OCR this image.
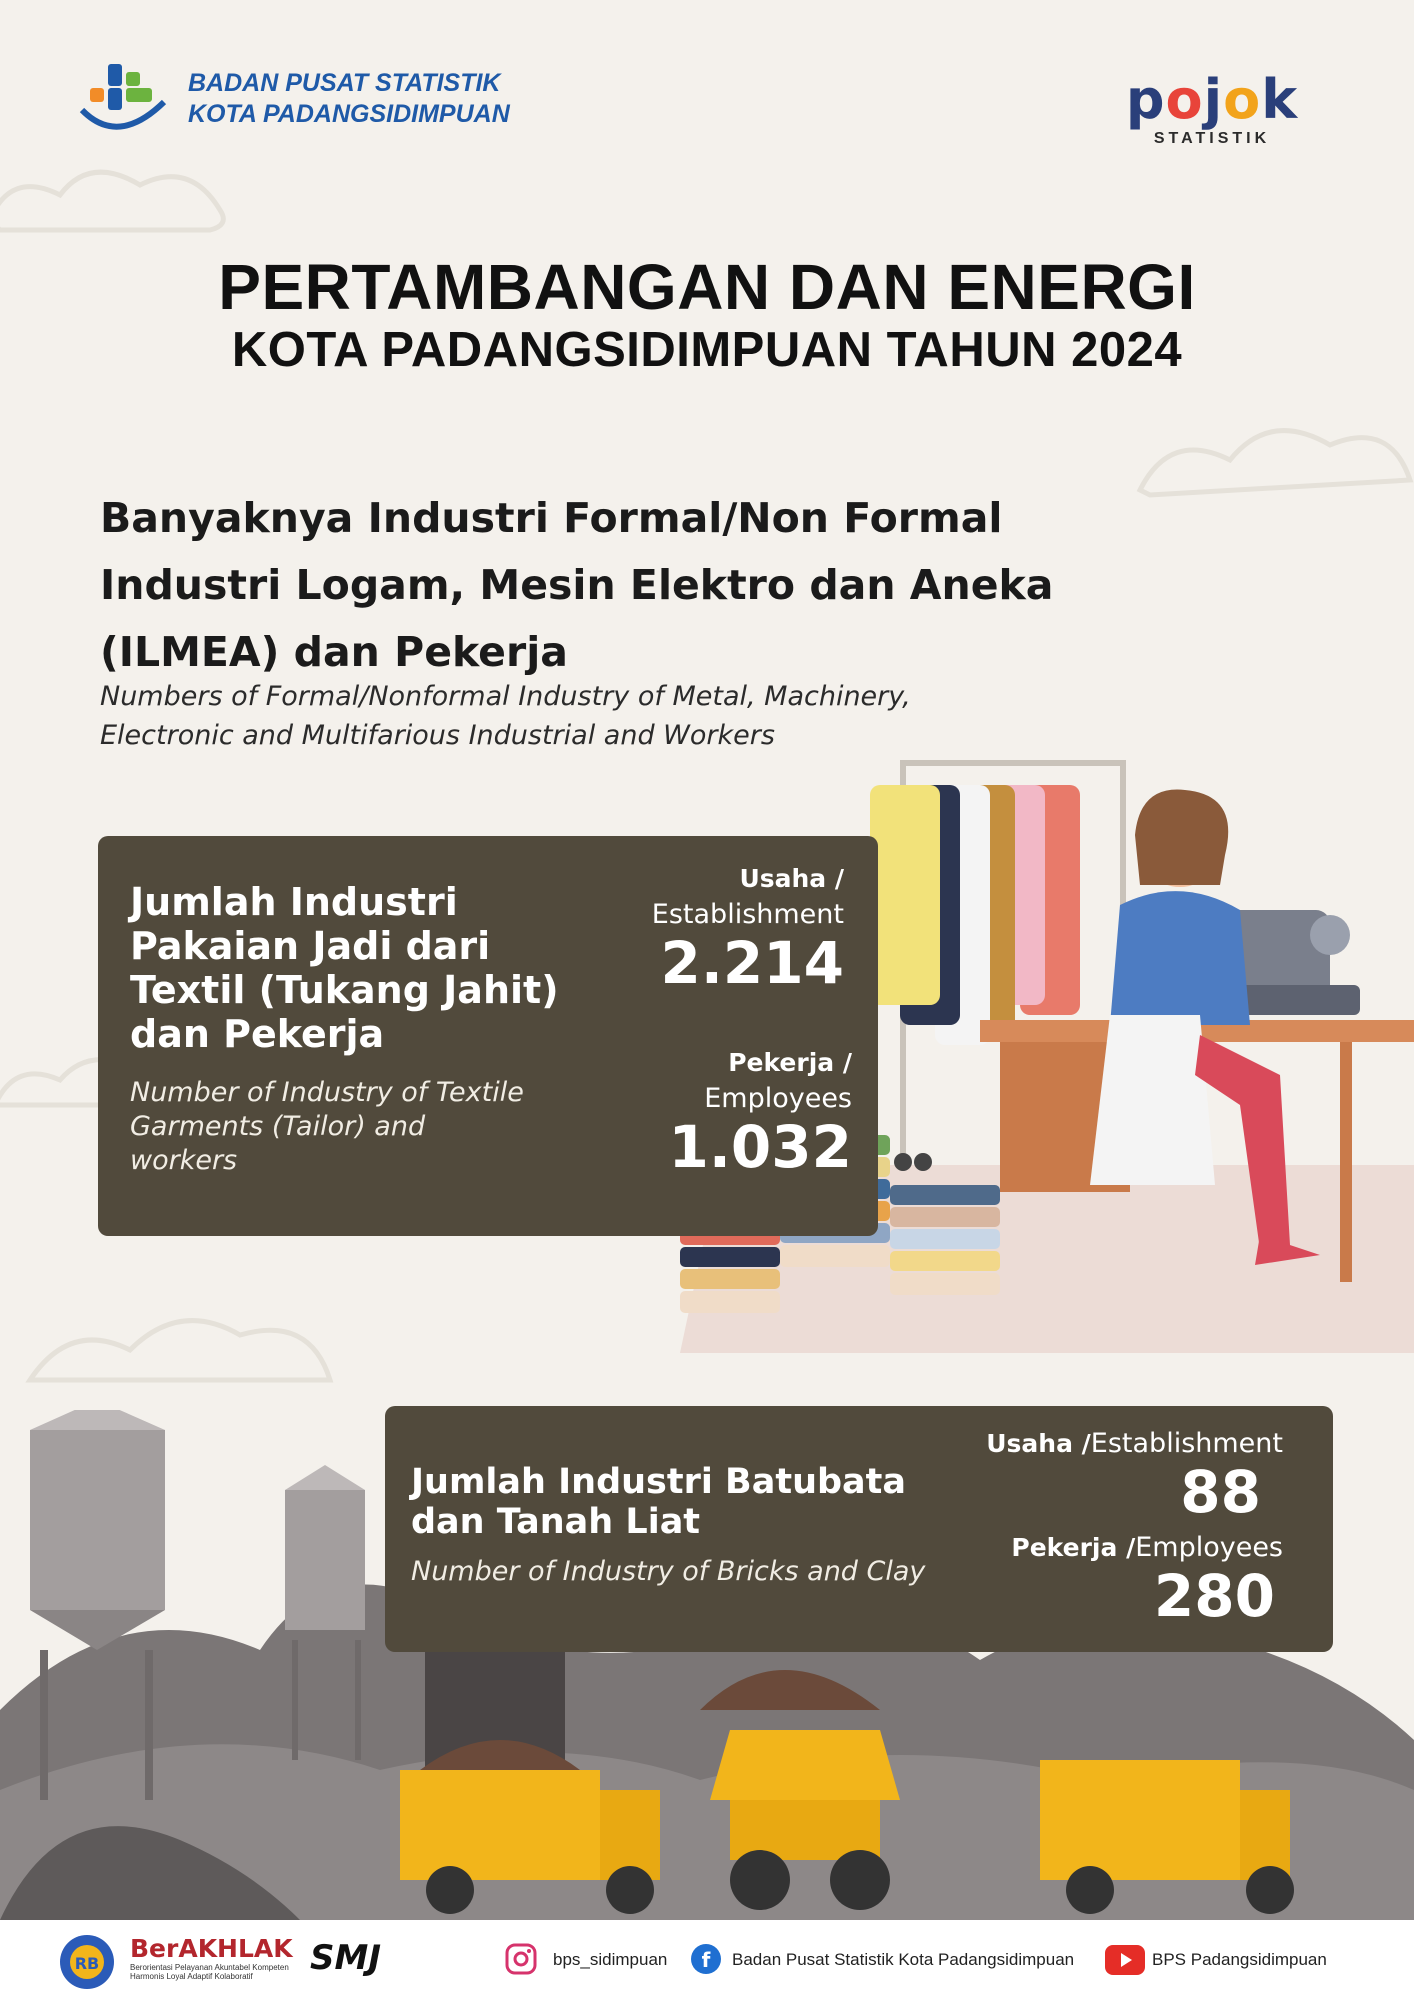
BADAN PUSAT STATISTIK
KOTA PADANGSIDIMPUAN	pojok
STATISTIK
PERTAMBANGAN DAN ENERGI
KOTA PADANGSIDIMPUAN TAHUN 2024
Banyaknya Industri Formal/Non Formal
Industri Logam, Mesin Elektro dan Aneka
(ILMEA) dan Pekerja
Numbers of Formal/Nonformal Industry of Metal, Machinery,
Electronic and Multifarious Industrial and Workers
Jumlah Industri
Pakaian Jadi dari
Textil (Tukang Jahit)
dan Pekerja
Number of Industry of Textile
Garments (Tailor) and
workers
Usaha /
Establishment
2.214
Pekerja /
Employees
1.032
Jumlah Industri Batubata
dan Tanah Liat
Number of Industry of Bricks and Clay
Usaha /Establishment
88
Pekerja /Employees
280
RB
BerAKHLAK
Berorientasi Pelayanan Akuntabel Kompeten
Harmonis Loyal Adaptif Kolaboratif	SMJ	bps_sidimpuan f Badan Pusat Statistik Kota Padangsidimpuan	BPS Padangsidimpuan
